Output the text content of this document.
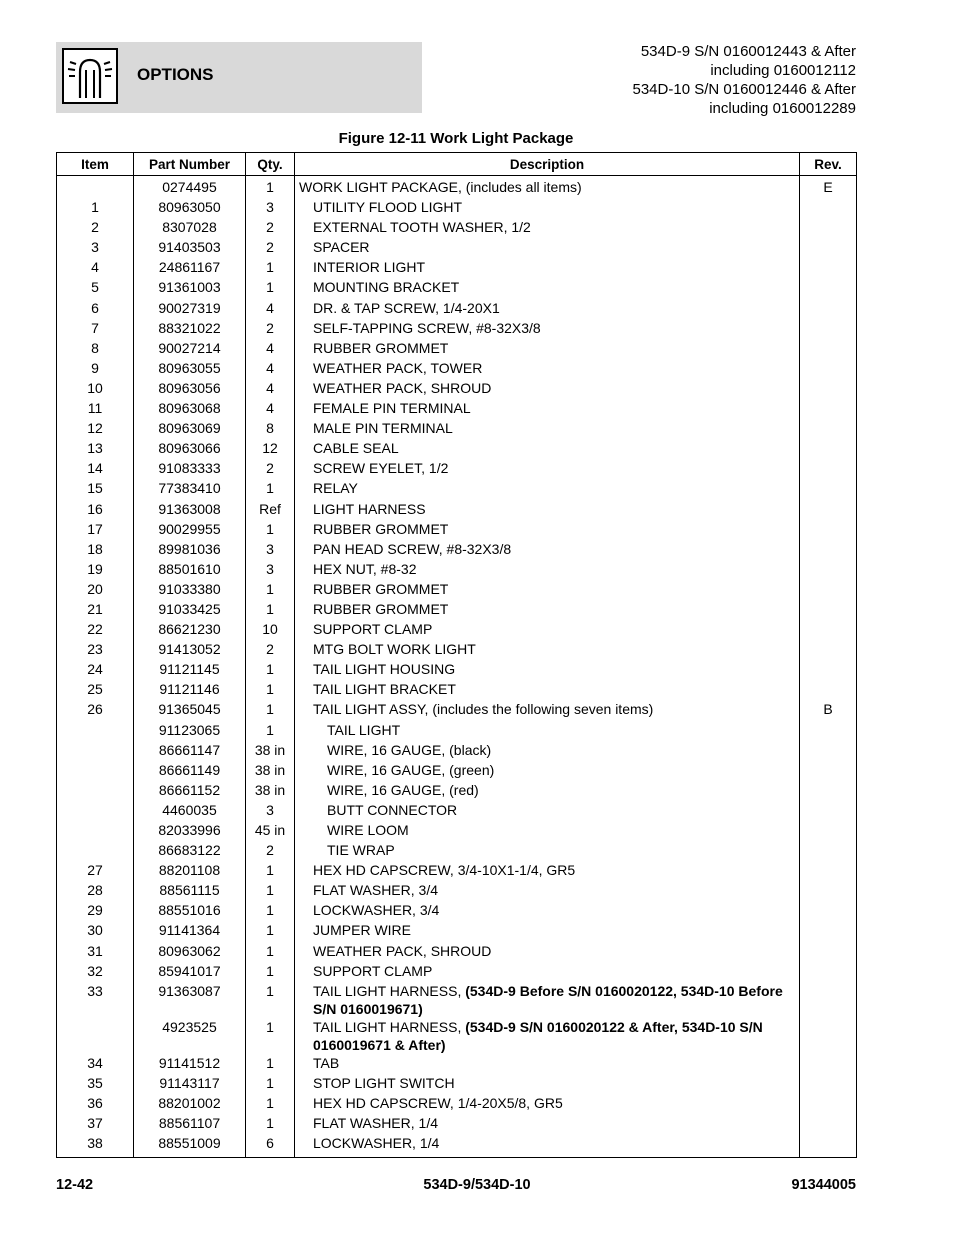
OPTIONS
534D-9 S/N 0160012443 & After
including 0160012112
534D-10 S/N 0160012446 & After
including 0160012289
Figure 12-11 Work Light Package
Item	Part Number	Qty.	Description	Rev.
	0274495	1	WORK LIGHT PACKAGE, (includes all items)	E
1	80963050	3	UTILITY FLOOD LIGHT	

2	8307028	2	EXTERNAL TOOTH WASHER, 1/2	

3	91403503	2	SPACER	

4	24861167	1	INTERIOR LIGHT	

5	91361003	1	MOUNTING BRACKET	

6	90027319	4	DR. & TAP SCREW, 1/4-20X1	

7	88321022	2	SELF-TAPPING SCREW, #8-32X3/8	

8	90027214	4	RUBBER GROMMET	

9	80963055	4	WEATHER PACK, TOWER	

10	80963056	4	WEATHER PACK, SHROUD	

11	80963068	4	FEMALE PIN TERMINAL	

12	80963069	8	MALE PIN TERMINAL	

13	80963066	12	CABLE SEAL	

14	91083333	2	SCREW EYELET, 1/2	

15	77383410	1	RELAY	

16	91363008	Ref	LIGHT HARNESS	

17	90029955	1	RUBBER GROMMET	

18	89981036	3	PAN HEAD SCREW, #8-32X3/8	

19	88501610	3	HEX NUT, #8-32	

20	91033380	1	RUBBER GROMMET	

21	91033425	1	RUBBER GROMMET	

22	86621230	10	SUPPORT CLAMP	

23	91413052	2	MTG BOLT WORK LIGHT	

24	91121145	1	TAIL LIGHT HOUSING	

25	91121146	1	TAIL LIGHT BRACKET	

26	91365045	1	TAIL LIGHT ASSY, (includes the following seven items)	B
	91123065	1	TAIL LIGHT	

	86661147	38 in	WIRE, 16 GAUGE, (black)	

	86661149	38 in	WIRE, 16 GAUGE, (green)	

	86661152	38 in	WIRE, 16 GAUGE, (red)	

	4460035	3	BUTT CONNECTOR	

	82033996	45 in	WIRE LOOM	

	86683122	2	TIE WRAP	

27	88201108	1	HEX HD CAPSCREW, 3/4-10X1-1/4, GR5	

28	88561115	1	FLAT WASHER, 3/4	

29	88551016	1	LOCKWASHER, 3/4	

30	91141364	1	JUMPER WIRE	

31	80963062	1	WEATHER PACK, SHROUD	

32	85941017	1	SUPPORT CLAMP	

33	91363087	1	TAIL LIGHT HARNESS, (534D-9 Before S/N 0160020122, 534D-10 Before S/N 0160019671)	

	4923525	1	TAIL LIGHT HARNESS, (534D-9 S/N 0160020122 & After, 534D-10 S/N 0160019671 & After)	

34	91141512	1	TAB	

35	91143117	1	STOP LIGHT SWITCH	

36	88201002	1	HEX HD CAPSCREW, 1/4-20X5/8, GR5	

37	88561107	1	FLAT WASHER, 1/4	

38	88551009	6	LOCKWASHER, 1/4	

12-42	534D-9/534D-10	91344005
